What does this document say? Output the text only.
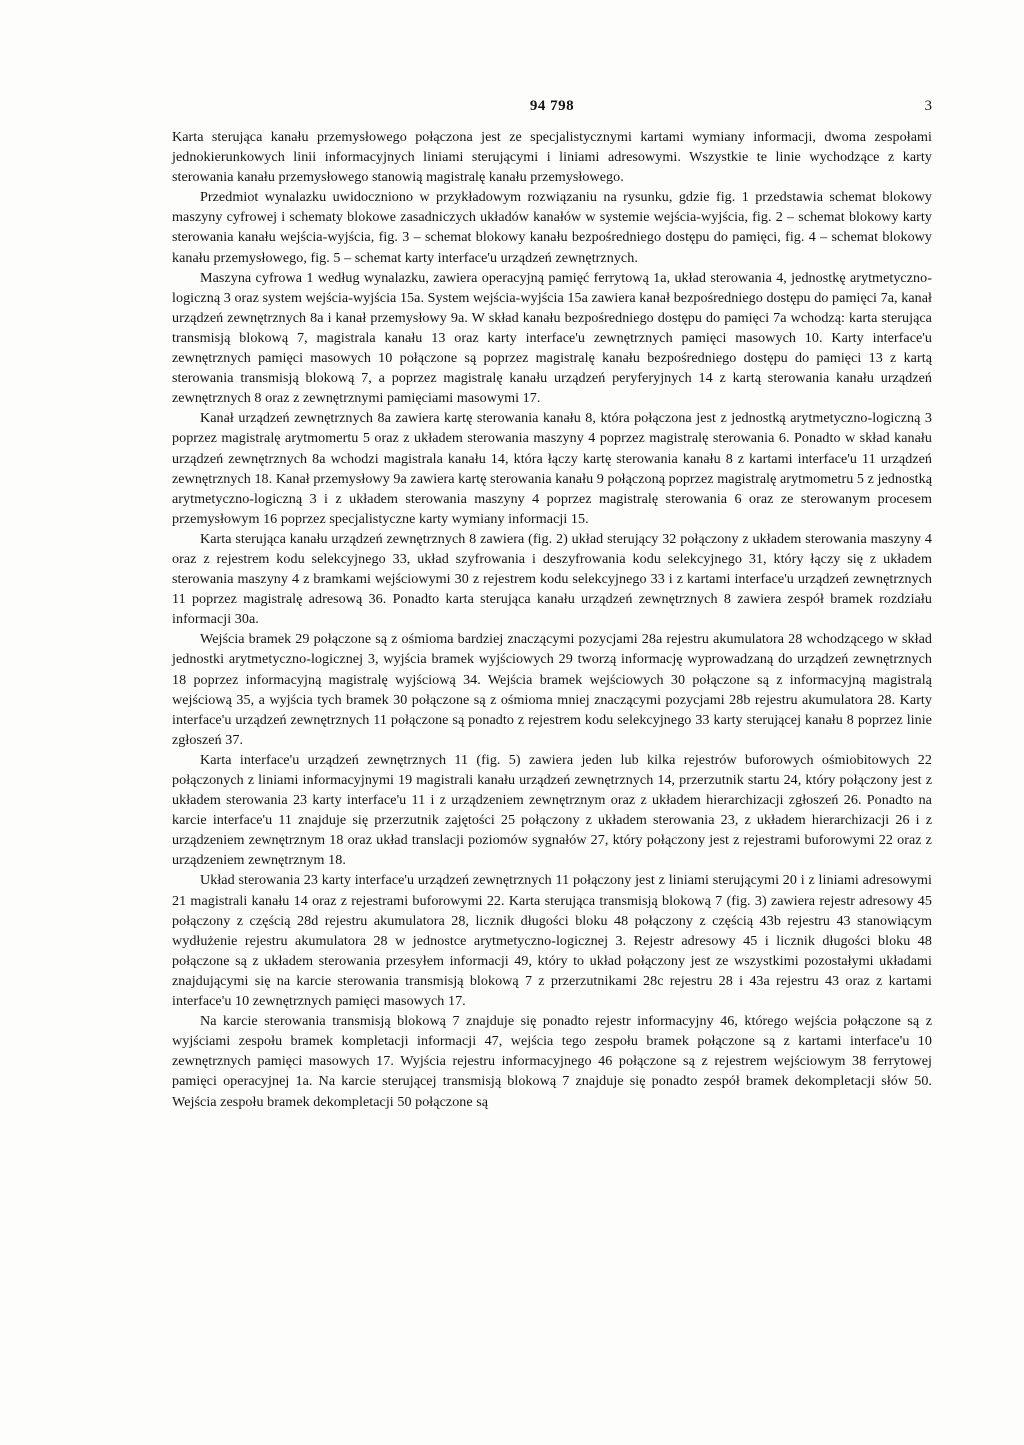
94 798	3

Karta sterująca kanału przemysłowego połączona jest ze specjalistycznymi kartami wymiany informacji, dwoma zespołami jednokierunkowych linii informacyjnych liniami sterującymi i liniami adresowymi. Wszystkie te linie wychodzące z karty sterowania kanału przemysłowego stanowią magistralę kanału przemysłowego.

Przedmiot wynalazku uwidoczniono w przykładowym rozwiązaniu na rysunku, gdzie fig. 1 przedstawia schemat blokowy maszyny cyfrowej i schematy blokowe zasadniczych układów kanałów w systemie wejścia-wyjścia, fig. 2 – schemat blokowy karty sterowania kanału wejścia-wyjścia, fig. 3 – schemat blokowy kanału bezpośredniego dostępu do pamięci, fig. 4 – schemat blokowy kanału przemysłowego, fig. 5 – schemat karty interface'u urządzeń zewnętrznych.

Maszyna cyfrowa 1 według wynalazku, zawiera operacyjną pamięć ferrytową 1a, układ sterowania 4, jednostkę arytmetyczno-logiczną 3 oraz system wejścia-wyjścia 15a. System wejścia-wyjścia 15a zawiera kanał bezpośredniego dostępu do pamięci 7a, kanał urządzeń zewnętrznych 8a i kanał przemysłowy 9a. W skład kanału bezpośredniego dostępu do pamięci 7a wchodzą: karta sterująca transmisją blokową 7, magistrala kanału 13 oraz karty interface'u zewnętrznych pamięci masowych 10. Karty interface'u zewnętrznych pamięci masowych 10 połączone są poprzez magistralę kanału bezpośredniego dostępu do pamięci 13 z kartą sterowania transmisją blokową 7, a poprzez magistralę kanału urządzeń peryferyjnych 14 z kartą sterowania kanału urządzeń zewnętrznych 8 oraz z zewnętrznymi pamięciami masowymi 17.

Kanał urządzeń zewnętrznych 8a zawiera kartę sterowania kanału 8, która połączona jest z jednostką arytmetyczno-logiczną 3 poprzez magistralę arytmomertu 5 oraz z układem sterowania maszyny 4 poprzez magistralę sterowania 6. Ponadto w skład kanału urządzeń zewnętrznych 8a wchodzi magistrala kanału 14, która łączy kartę sterowania kanału 8 z kartami interface'u 11 urządzeń zewnętrznych 18. Kanał przemysłowy 9a zawiera kartę sterowania kanału 9 połączoną poprzez magistralę arytmometru 5 z jednostką arytmetyczno-logiczną 3 i z układem sterowania maszyny 4 poprzez magistralę sterowania 6 oraz ze sterowanym procesem przemysłowym 16 poprzez specjalistyczne karty wymiany informacji 15.

Karta sterująca kanału urządzeń zewnętrznych 8 zawiera (fig. 2) układ sterujący 32 połączony z układem sterowania maszyny 4 oraz z rejestrem kodu selekcyjnego 33, układ szyfrowania i deszyfrowania kodu selekcyjnego 31, który łączy się z układem sterowania maszyny 4 z bramkami wejściowymi 30 z rejestrem kodu selekcyjnego 33 i z kartami interface'u urządzeń zewnętrznych 11 poprzez magistralę adresową 36. Ponadto karta sterująca kanału urządzeń zewnętrznych 8 zawiera zespół bramek rozdziału informacji 30a.

Wejścia bramek 29 połączone są z ośmioma bardziej znaczącymi pozycjami 28a rejestru akumulatora 28 wchodzącego w skład jednostki arytmetyczno-logicznej 3, wyjścia bramek wyjściowych 29 tworzą informację wyprowadzaną do urządzeń zewnętrznych 18 poprzez informacyjną magistralę wyjściową 34. Wejścia bramek wejściowych 30 połączone są z informacyjną magistralą wejściową 35, a wyjścia tych bramek 30 połączone są z ośmioma mniej znaczącymi pozycjami 28b rejestru akumulatora 28. Karty interface'u urządzeń zewnętrznych 11 połączone są ponadto z rejestrem kodu selekcyjnego 33 karty sterującej kanału 8 poprzez linie zgłoszeń 37.

Karta interface'u urządzeń zewnętrznych 11 (fig. 5) zawiera jeden lub kilka rejestrów buforowych ośmiobitowych 22 połączonych z liniami informacyjnymi 19 magistrali kanału urządzeń zewnętrznych 14, przerzutnik startu 24, który połączony jest z układem sterowania 23 karty interface'u 11 i z urządzeniem zewnętrznym oraz z układem hierarchizacji zgłoszeń 26. Ponadto na karcie interface'u 11 znajduje się przerzutnik zajętości 25 połączony z układem sterowania 23, z układem hierarchizacji 26 i z urządzeniem zewnętrznym 18 oraz układ translacji poziomów sygnałów 27, który połączony jest z rejestrami buforowymi 22 oraz z urządzeniem zewnętrznym 18.

Układ sterowania 23 karty interface'u urządzeń zewnętrznych 11 połączony jest z liniami sterującymi 20 i z liniami adresowymi 21 magistrali kanału 14 oraz z rejestrami buforowymi 22. Karta sterująca transmisją blokową 7 (fig. 3) zawiera rejestr adresowy 45 połączony z częścią 28d rejestru akumulatora 28, licznik długości bloku 48 połączony z częścią 43b rejestru 43 stanowiącym wydłużenie rejestru akumulatora 28 w jednostce arytmetyczno-logicznej 3. Rejestr adresowy 45 i licznik długości bloku 48 połączone są z układem sterowania przesyłem informacji 49, który to układ połączony jest ze wszystkimi pozostałymi układami znajdującymi się na karcie sterowania transmisją blokową 7 z przerzutnikami 28c rejestru 28 i 43a rejestru 43 oraz z kartami interface'u 10 zewnętrznych pamięci masowych 17.

Na karcie sterowania transmisją blokową 7 znajduje się ponadto rejestr informacyjny 46, którego wejścia połączone są z wyjściami zespołu bramek kompletacji informacji 47, wejścia tego zespołu bramek połączone są z kartami interface'u 10 zewnętrznych pamięci masowych 17. Wyjścia rejestru informacyjnego 46 połączone są z rejestrem wejściowym 38 ferrytowej pamięci operacyjnej 1a. Na karcie sterującej transmisją blokową 7 znajduje się ponadto zespół bramek dekompletacji słów 50. Wejścia zespołu bramek dekompletacji 50 połączone są
